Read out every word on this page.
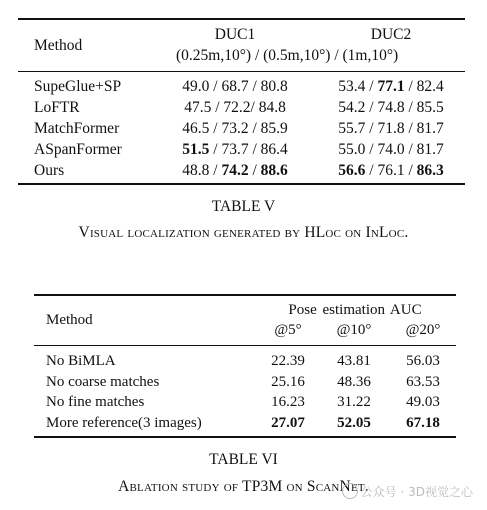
Method
DUC1	DUC2
(0.25m,10°) / (0.5m,10°) / (1m,10°)
SupeGlue+SP	49.0 / 68.7 / 80.8	53.4 / 77.1 / 82.4
LoFTR	47.5 / 72.2/ 84.8	54.2 / 74.8 / 85.5
MatchFormer	46.5 / 73.2 / 85.9	55.7 / 71.8 / 81.7
ASpanFormer	51.5 / 73.7 / 86.4	55.0 / 74.0 / 81.7
Ours	48.8 / 74.2 / 88.6	56.6 / 76.1 / 86.3
TABLE V
Visual localization generated by HLoc on InLoc.
Method
Pose estimation AUC
@5°	@10°	@20°
No BiMLA	22.39	43.81	56.03
No coarse matches	25.16	48.36	63.53
No fine matches	16.23	31.22	49.03
More reference(3 images)	27.07	52.05	67.18
TABLE VI
Ablation study of TP3M on ScanNet.
公众号 · 3D视觉之心
